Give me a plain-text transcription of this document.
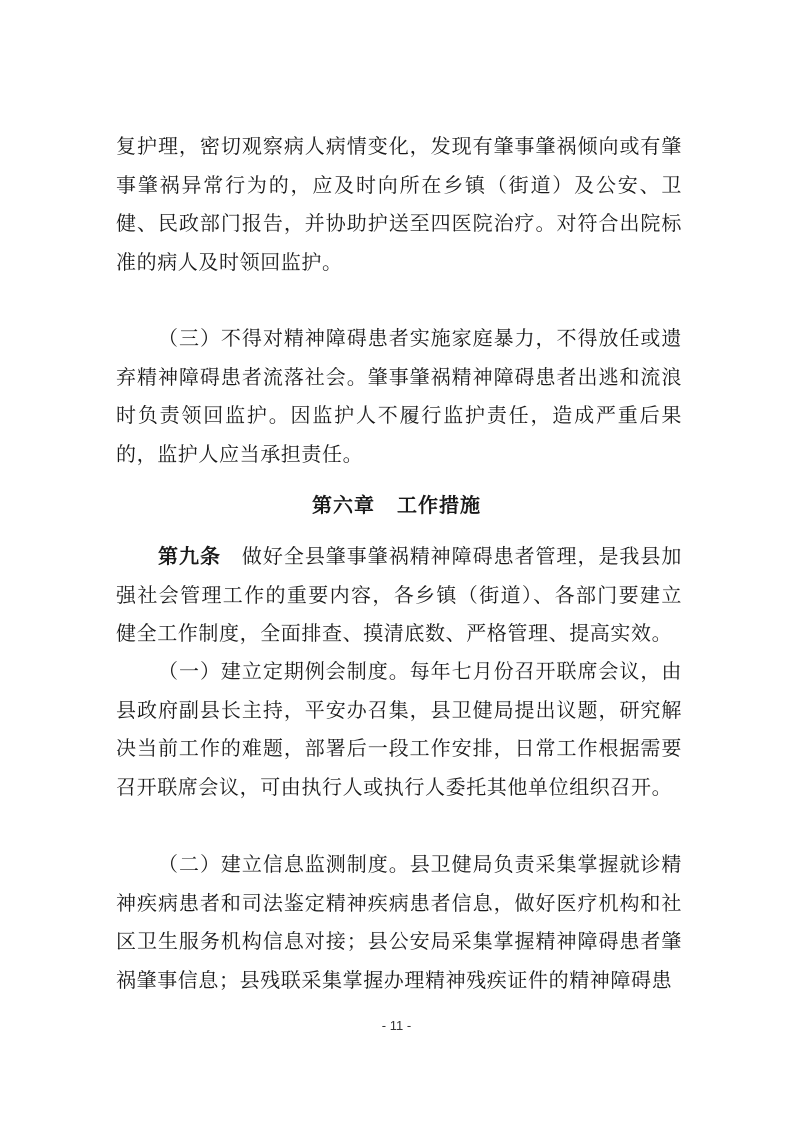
复护理，密切观察病人病情变化，发现有肇事肇祸倾向或有肇事肇祸异常行为的，应及时向所在乡镇（街道）及公安、卫健、民政部门报告，并协助护送至四医院治疗。对符合出院标准的病人及时领回监护。

（三）不得对精神障碍患者实施家庭暴力，不得放任或遗弃精神障碍患者流落社会。肇事肇祸精神障碍患者出逃和流浪时负责领回监护。因监护人不履行监护责任，造成严重后果的，监护人应当承担责任。

第六章 工作措施

第九条　 做好全县肇事肇祸精神障碍患者管理，是我县加强社会管理工作的重要内容，各乡镇（街道）、各部门要建立健全工作制度，全面排查、摸清底数、严格管理、提高实效。

（一）建立定期例会制度。每年七月份召开联席会议，由县政府副县长主持，平安办召集，县卫健局提出议题，研究解决当前工作的难题，部署后一段工作安排，日常工作根据需要召开联席会议，可由执行人或执行人委托其他单位组织召开。

（二）建立信息监测制度。县卫健局负责采集掌握就诊精神疾病患者和司法鉴定精神疾病患者信息，做好医疗机构和社区卫生服务机构信息对接；县公安局采集掌握精神障碍患者肇祸肇事信息；县残联采集掌握办理精神残疾证件的精神障碍患

- 11 -
